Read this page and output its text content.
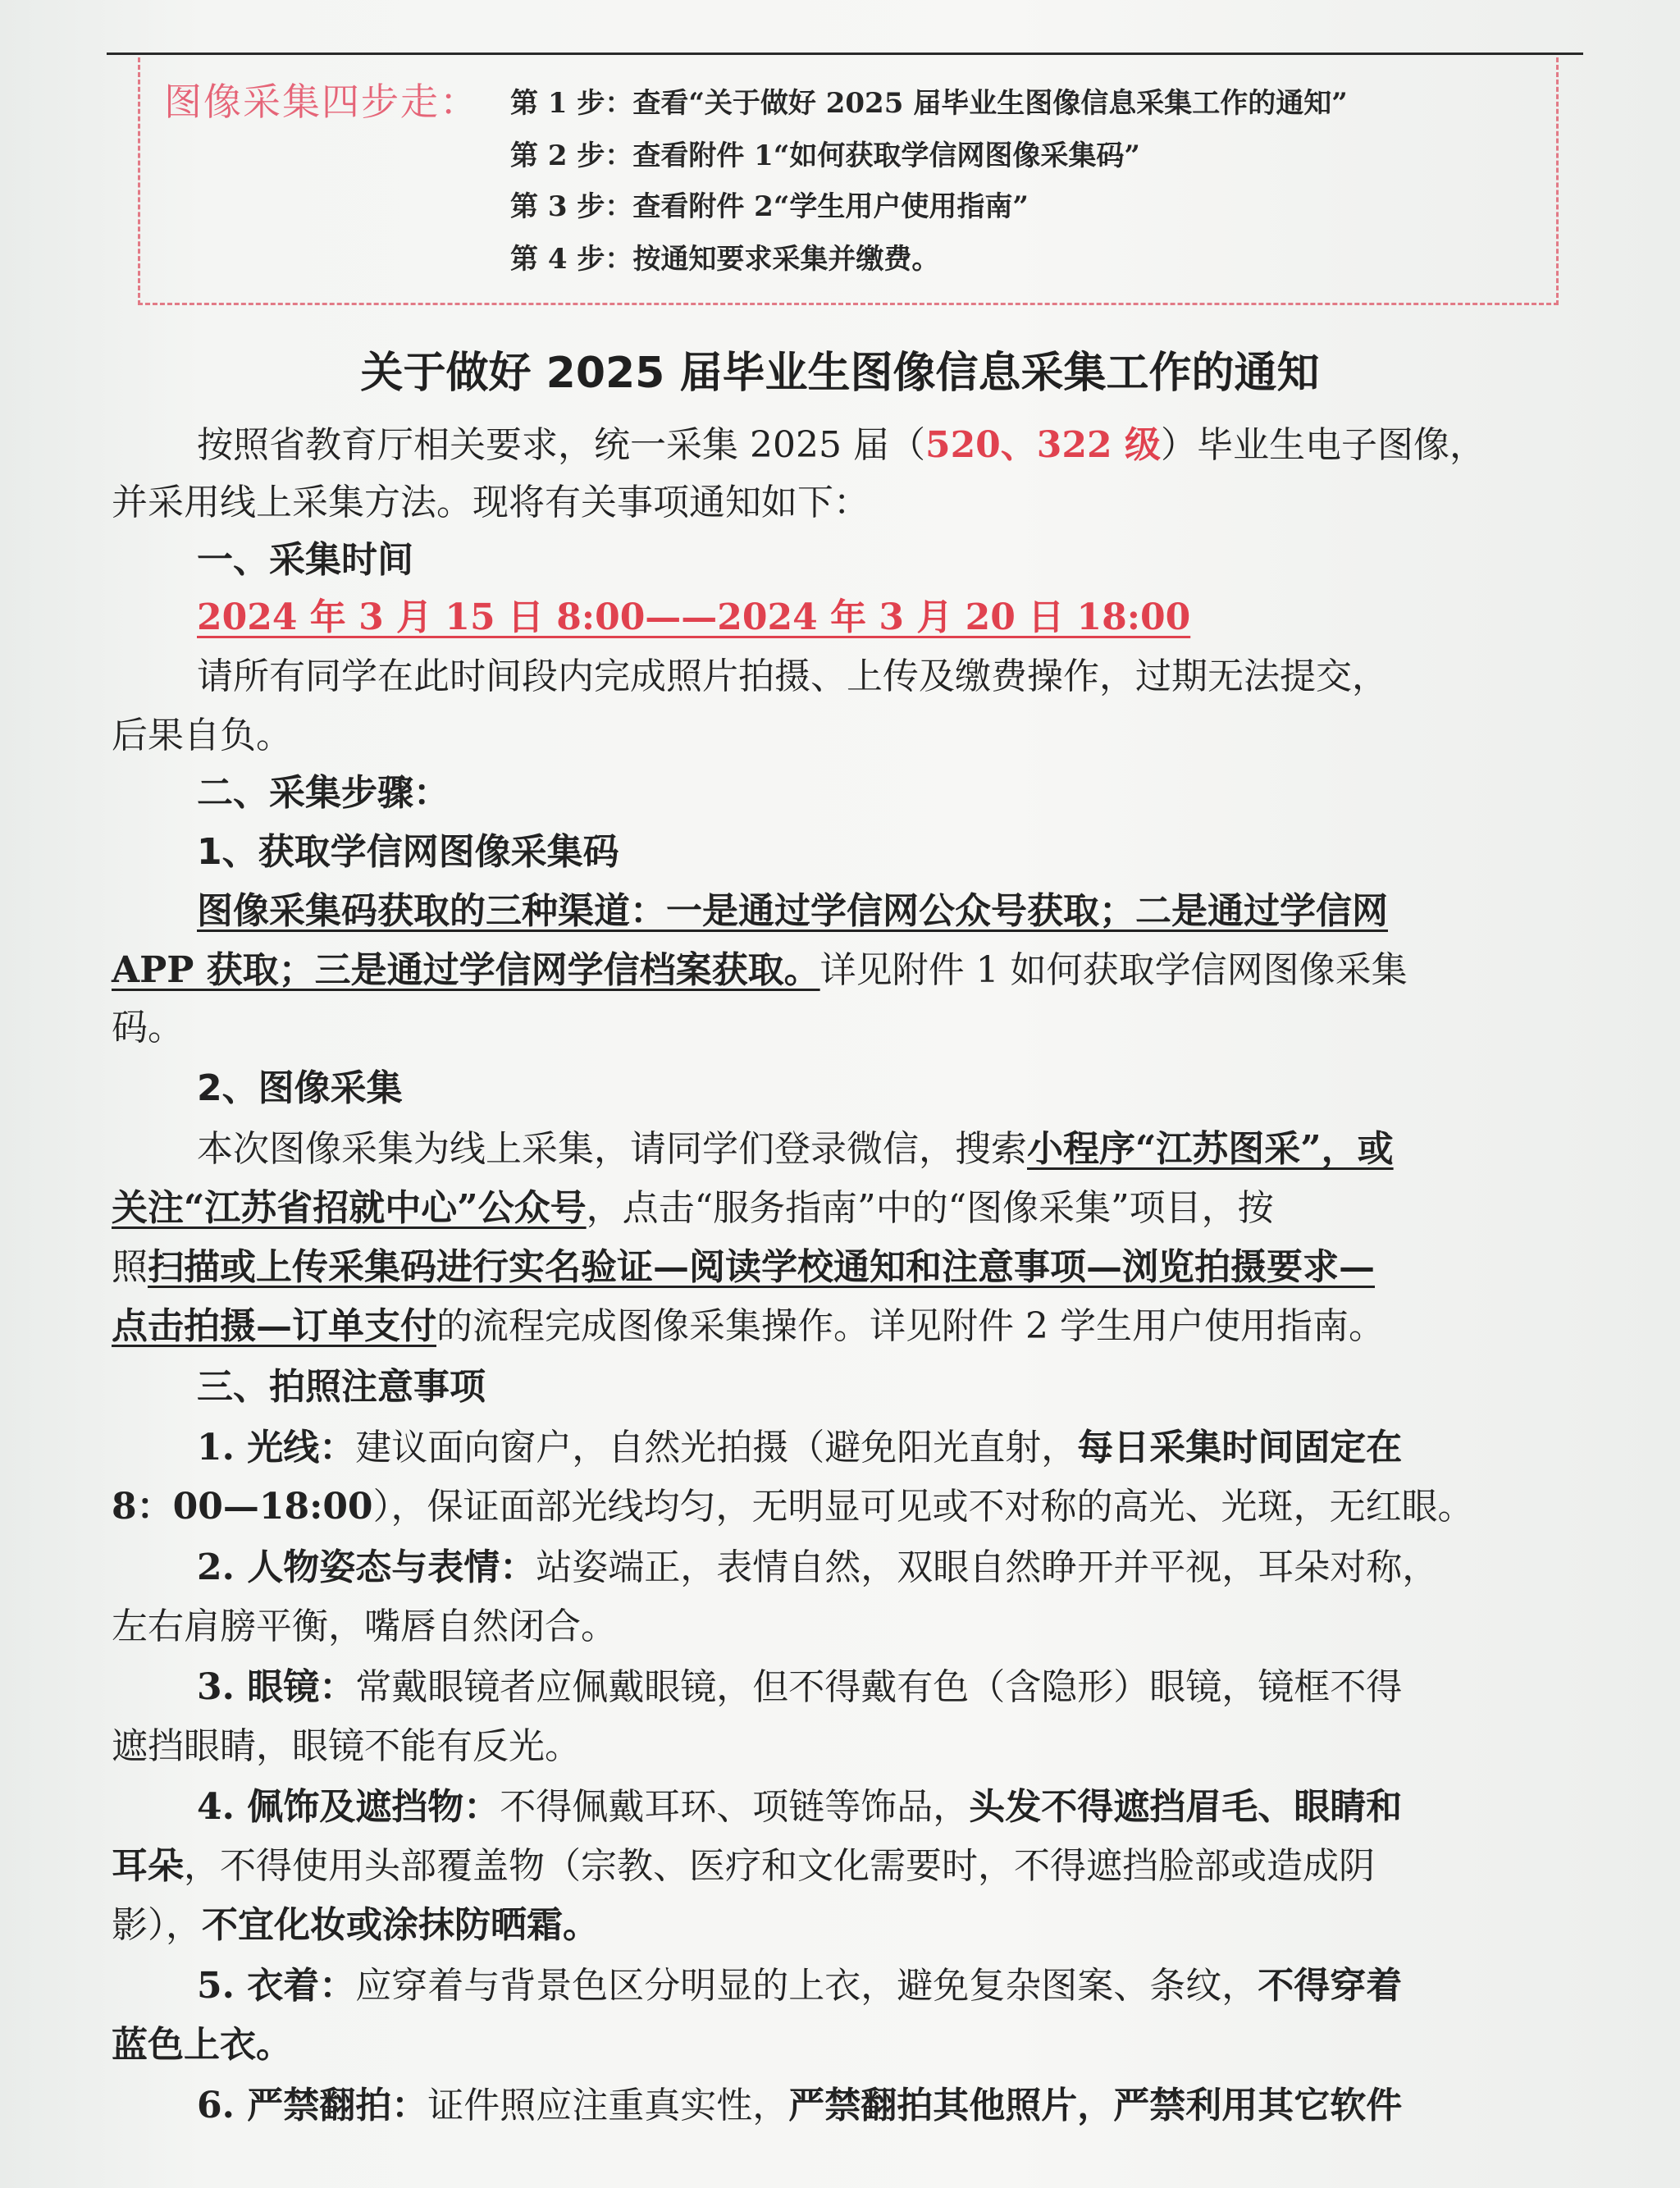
图像采集四步走： 第 1 步：查看“关于做好 2025 届毕业生图像信息采集工作的通知”
第 2 步：查看附件 1“如何获取学信网图像采集码”
第 3 步：查看附件 2“学生用户使用指南”
第 4 步：按通知要求采集并缴费。
关于做好 2025 届毕业生图像信息采集工作的通知
按照省教育厅相关要求，统一采集 2025 届（520、322 级）毕业生电子图像，
并采用线上采集方法。现将有关事项通知如下：
一、采集时间
2024 年 3 月 15 日 8:00——2024 年 3 月 20 日 18:00
请所有同学在此时间段内完成照片拍摄、上传及缴费操作，过期无法提交，
后果自负。
二、采集步骤：
1、获取学信网图像采集码
图像采集码获取的三种渠道：一是通过学信网公众号获取；二是通过学信网
APP 获取；三是通过学信网学信档案获取。详见附件 1 如何获取学信网图像采集
码。
2、图像采集
本次图像采集为线上采集，请同学们登录微信，搜索小程序“江苏图采”，或
关注“江苏省招就中心”公众号，点击“服务指南”中的“图像采集”项目，按
照扫描或上传采集码进行实名验证—阅读学校通知和注意事项—浏览拍摄要求—
点击拍摄—订单支付的流程完成图像采集操作。详见附件 2 学生用户使用指南。
三、拍照注意事项
1. 光线：建议面向窗户，自然光拍摄（避免阳光直射，每日采集时间固定在
8：00—18:00），保证面部光线均匀，无明显可见或不对称的高光、光斑，无红眼。
2. 人物姿态与表情：站姿端正，表情自然，双眼自然睁开并平视，耳朵对称，
左右肩膀平衡，嘴唇自然闭合。
3. 眼镜：常戴眼镜者应佩戴眼镜，但不得戴有色（含隐形）眼镜，镜框不得
遮挡眼睛，眼镜不能有反光。
4. 佩饰及遮挡物：不得佩戴耳环、项链等饰品，头发不得遮挡眉毛、眼睛和
耳朵，不得使用头部覆盖物（宗教、医疗和文化需要时，不得遮挡脸部或造成阴
影），不宜化妆或涂抹防晒霜。
5. 衣着：应穿着与背景色区分明显的上衣，避免复杂图案、条纹，不得穿着
蓝色上衣。
6. 严禁翻拍：证件照应注重真实性，严禁翻拍其他照片，严禁利用其它软件
